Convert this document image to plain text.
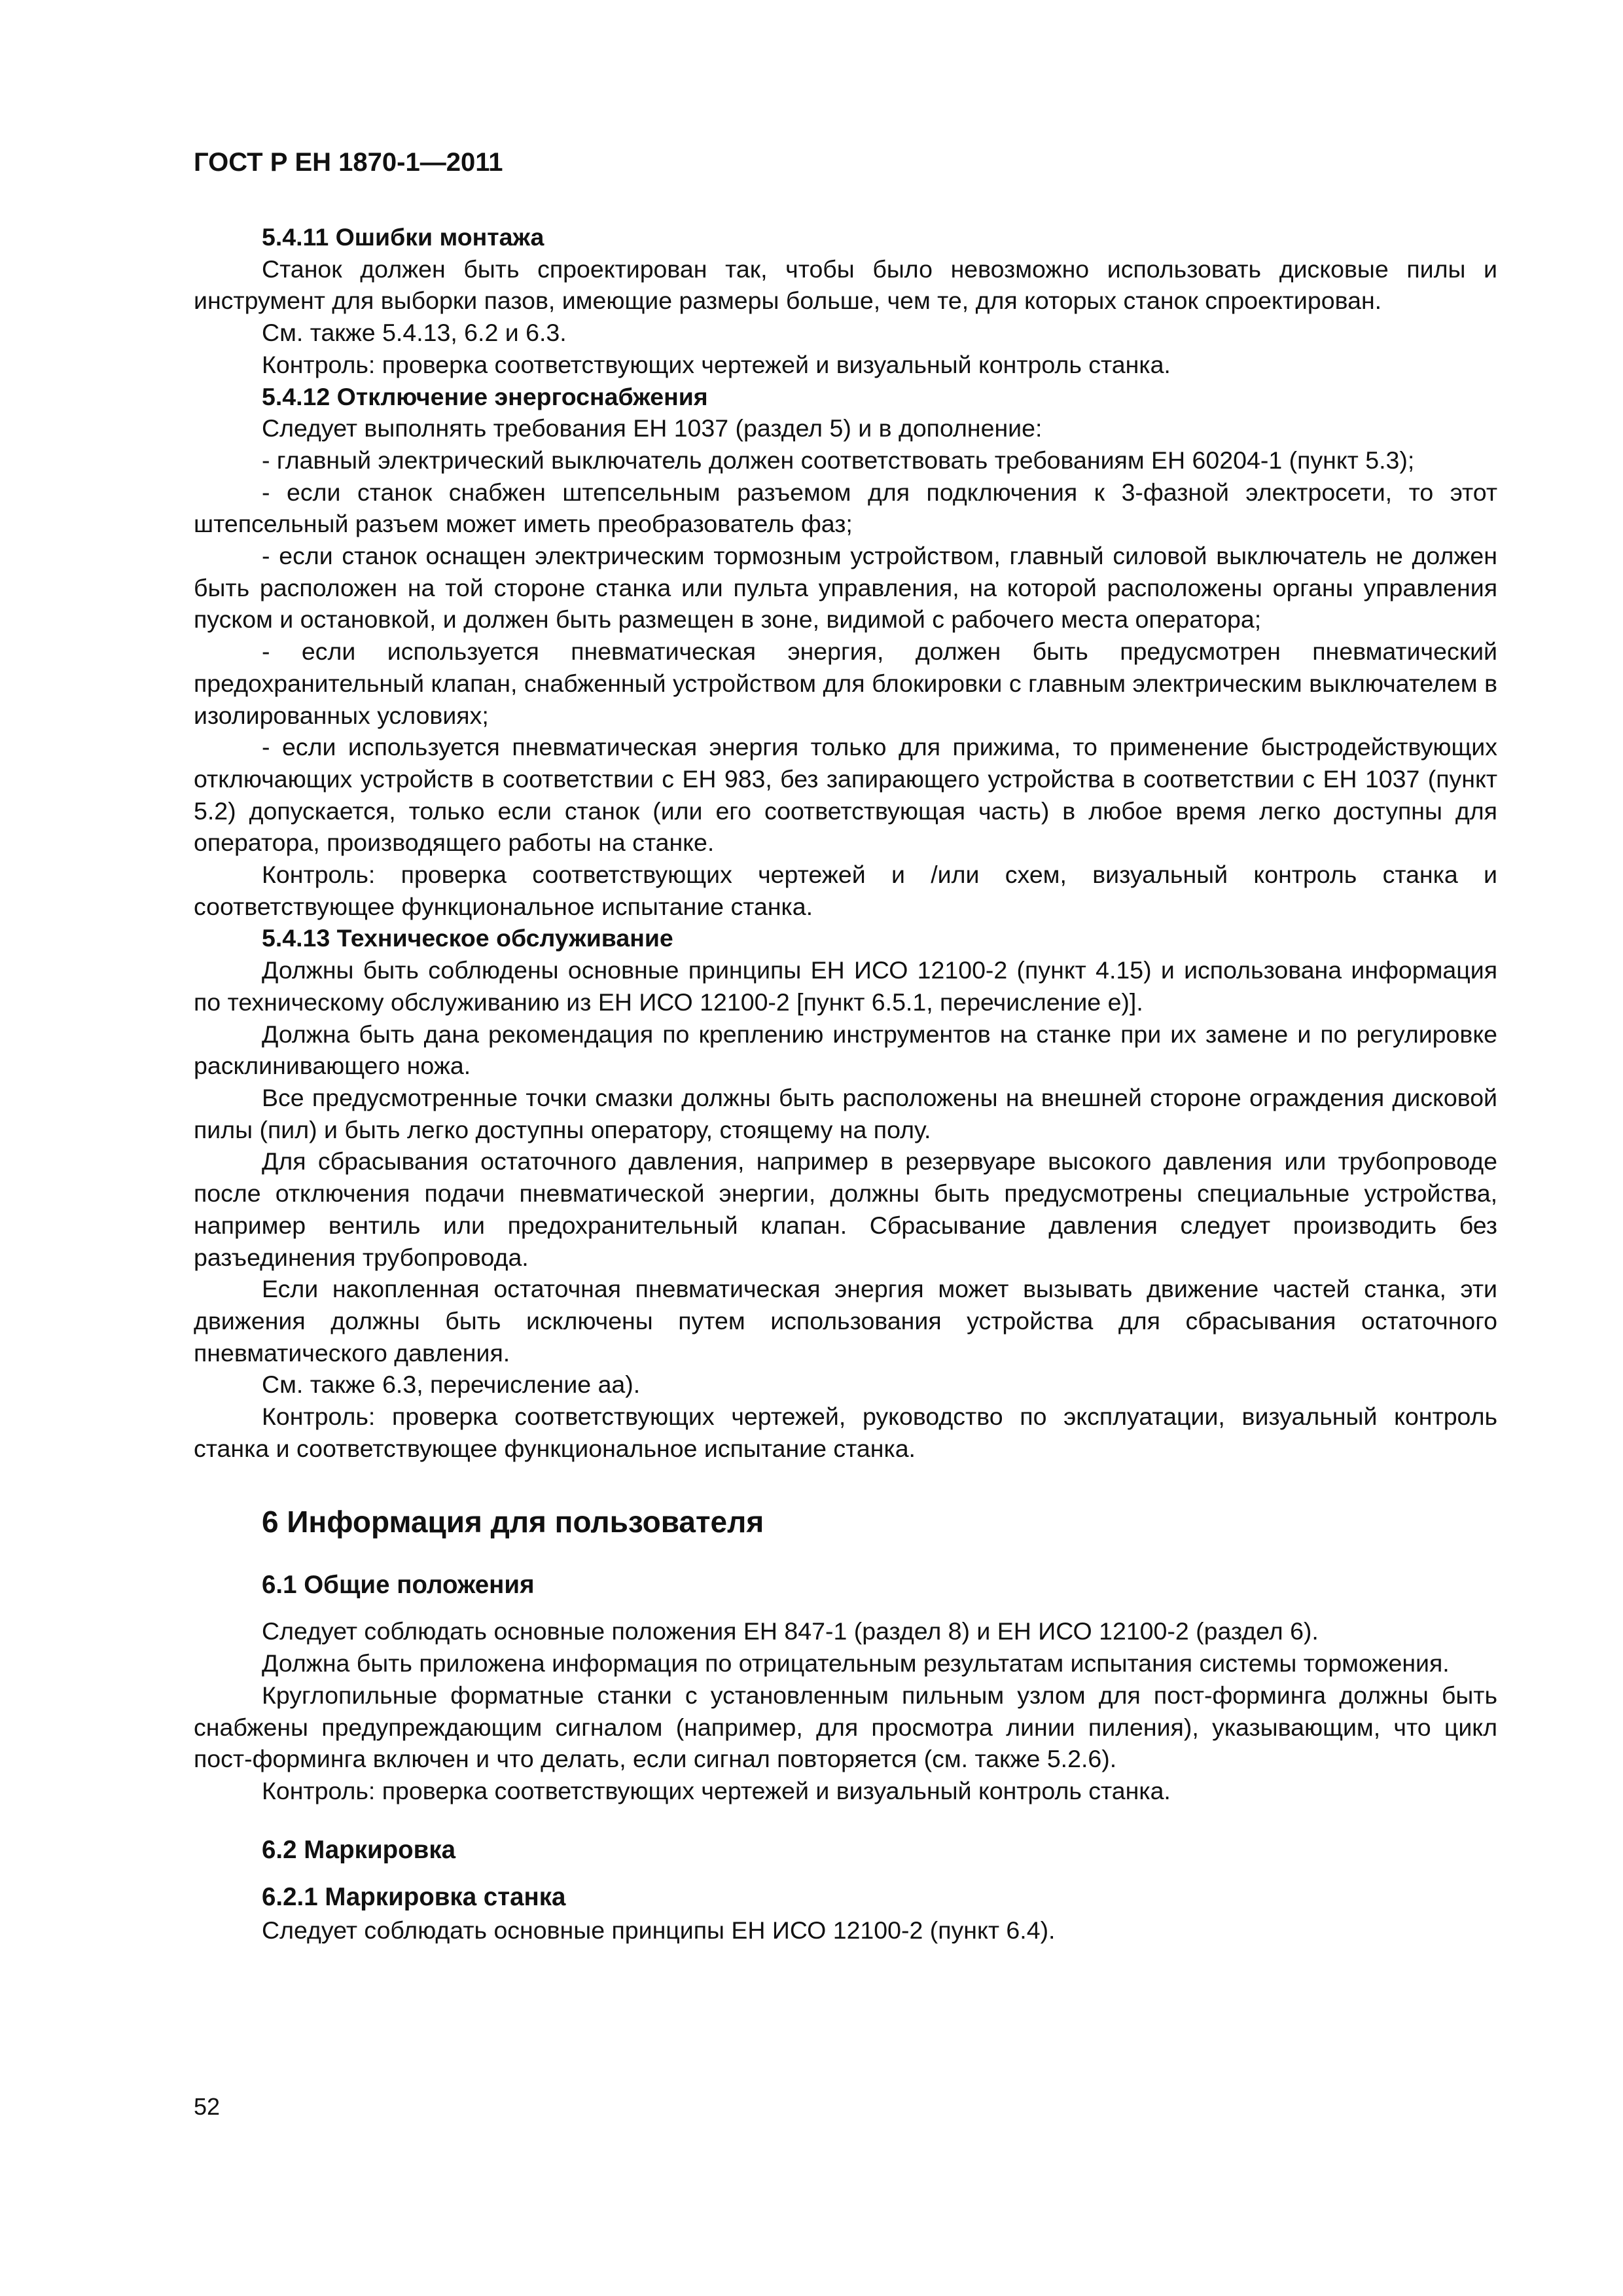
ГОСТ Р ЕН 1870-1—2011

5.4.11 Ошибки монтажа

Станок должен быть спроектирован так, чтобы было невозможно использовать дисковые пилы и инструмент для выборки пазов, имеющие размеры больше, чем те, для которых станок спроектирован.

См. также 5.4.13, 6.2 и 6.3.

Контроль: проверка соответствующих чертежей и визуальный контроль станка.

5.4.12 Отключение энергоснабжения

Следует выполнять требования ЕН 1037 (раздел 5) и в дополнение:

- главный электрический выключатель должен соответствовать требованиям ЕН 60204-1 (пункт 5.3);

- если станок снабжен штепсельным разъемом для подключения к 3-фазной электросети, то этот штепсельный разъем может иметь преобразователь фаз;

- если станок оснащен электрическим тормозным устройством, главный силовой выключатель не должен быть расположен на той стороне станка или пульта управления, на которой расположены органы управления пуском и остановкой, и должен быть размещен в зоне, видимой с рабочего места оператора;

- если используется пневматическая энергия, должен быть предусмотрен пневматический предохранительный клапан, снабженный устройством для блокировки с главным электрическим выключателем в изолированных условиях;

- если используется пневматическая энергия только для прижима, то применение быстродействующих отключающих устройств в соответствии с ЕН 983, без запирающего устройства в соответствии с ЕН 1037 (пункт 5.2) допускается, только если станок (или его соответствующая часть) в любое время легко доступны для оператора, производящего работы на станке.

Контроль: проверка соответствующих чертежей и /или схем, визуальный контроль станка и соответствующее функциональное испытание станка.

5.4.13 Техническое обслуживание

Должны быть соблюдены основные принципы ЕН ИСО 12100-2 (пункт 4.15) и использована информация по техническому обслуживанию из ЕН ИСО 12100-2 [пункт 6.5.1, перечисление е)].

Должна быть дана рекомендация по креплению инструментов на станке при их замене и по регулировке расклинивающего ножа.

Все предусмотренные точки смазки должны быть расположены на внешней стороне ограждения дисковой пилы (пил) и быть легко доступны оператору, стоящему на полу.

Для сбрасывания остаточного давления, например в резервуаре высокого давления или трубопроводе после отключения подачи пневматической энергии, должны быть предусмотрены специальные устройства, например вентиль или предохранительный клапан. Сбрасывание давления следует производить без разъединения трубопровода.

Если накопленная остаточная пневматическая энергия может вызывать движение частей станка, эти движения должны быть исключены путем использования устройства для сбрасывания остаточного пневматического давления.

См. также 6.3, перечисление аа).

Контроль: проверка соответствующих чертежей, руководство по эксплуатации, визуальный контроль станка и соответствующее функциональное испытание станка.

6 Информация для пользователя
6.1 Общие положения

Следует соблюдать основные положения ЕН 847-1 (раздел 8) и ЕН ИСО 12100-2 (раздел 6).

Должна быть приложена информация по отрицательным результатам испытания системы торможения.

Круглопильные форматные станки с установленным пильным узлом для пост-форминга должны быть снабжены предупреждающим сигналом (например, для просмотра линии пиления), указывающим, что цикл пост-форминга включен и что делать, если сигнал повторяется (см. также 5.2.6).

Контроль: проверка соответствующих чертежей и визуальный контроль станка.

6.2 Маркировка
6.2.1 Маркировка станка

Следует соблюдать основные принципы ЕН ИСО 12100-2 (пункт 6.4).

52
